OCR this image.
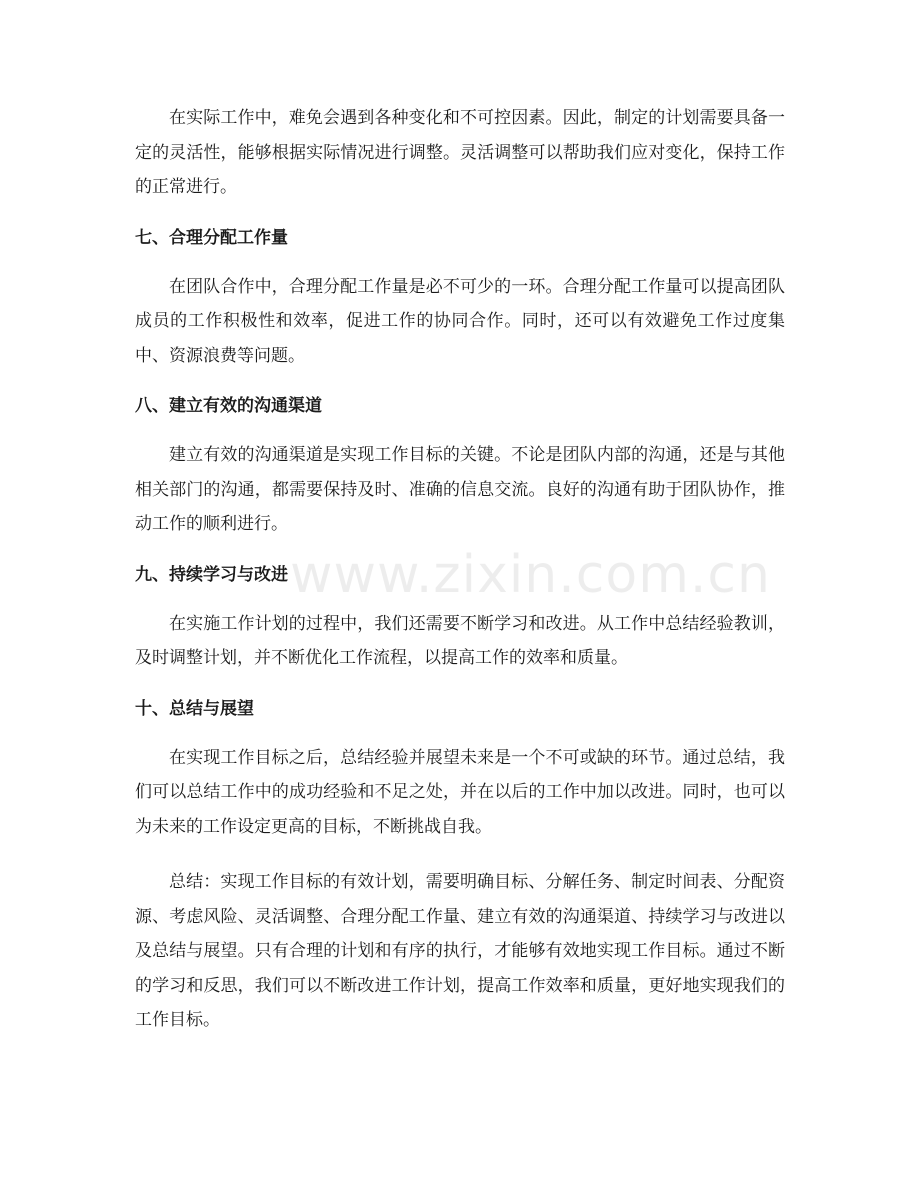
在实际工作中，难免会遇到各种变化和不可控因素。因此，制定的计划需要具备一定的灵活性，能够根据实际情况进行调整。灵活调整可以帮助我们应对变化，保持工作的正常进行。

七、合理分配工作量

在团队合作中，合理分配工作量是必不可少的一环。合理分配工作量可以提高团队成员的工作积极性和效率，促进工作的协同合作。同时，还可以有效避免工作过度集中、资源浪费等问题。

八、建立有效的沟通渠道

建立有效的沟通渠道是实现工作目标的关键。不论是团队内部的沟通，还是与其他相关部门的沟通，都需要保持及时、准确的信息交流。良好的沟通有助于团队协作，推动工作的顺利进行。

九、持续学习与改进

在实施工作计划的过程中，我们还需要不断学习和改进。从工作中总结经验教训，及时调整计划，并不断优化工作流程，以提高工作的效率和质量。

十、总结与展望

在实现工作目标之后，总结经验并展望未来是一个不可或缺的环节。通过总结，我们可以总结工作中的成功经验和不足之处，并在以后的工作中加以改进。同时，也可以为未来的工作设定更高的目标，不断挑战自我。

总结：实现工作目标的有效计划，需要明确目标、分解任务、制定时间表、分配资源、考虑风险、灵活调整、合理分配工作量、建立有效的沟通渠道、持续学习与改进以及总结与展望。只有合理的计划和有序的执行，才能够有效地实现工作目标。通过不断的学习和反思，我们可以不断改进工作计划，提高工作效率和质量，更好地实现我们的工作目标。

www.zixin.com.cn
